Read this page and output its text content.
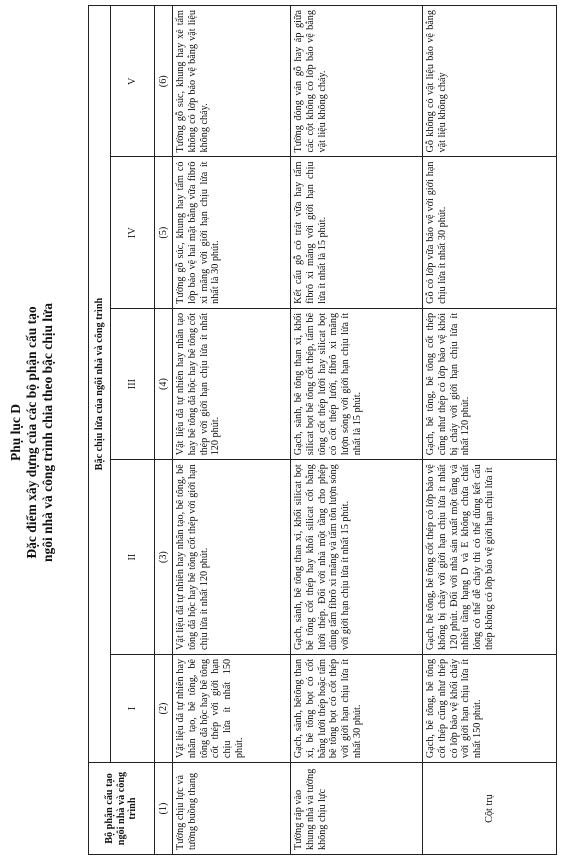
Phụ lục D Đặc điểm xây dựng của các bộ phận cấu tạo ngôi nhà và công trình chia theo bậc chịu lửa
Bộ phận cấu tạo ngôi nhà và công trình	Bậc chịu lửa của ngôi nhà và công trình				
	I	II	III	IV	V
(1)	(2)	(3)	(4)	(5)	(6)
Tường chịu lực và tường buồng thang	Vật liệu đá tự nhiên hay nhân tạo, bê tông, bê tông đá hộc hay bê tông cốt thép với giới hạn chịu lửa ít nhất 150 phút.	Vật liệu đá tự nhiên hay nhân tạo, bê tông, bê tông đá hộc hay bê tông cốt thép với giới hạn chịu lửa ít nhất 120 phút.	Vật liệu đá tự nhiên hay nhân tạo hay bê tông đá hộc hay bê tông cốt thép với giới hạn chịu lửa ít nhất 120 phút.	Tường gỗ súc, khung hay tấm có lớp bảo vệ hai mặt bằng vữa fibrô xi măng với giới hạn chịu lửa ít nhất là 30 phút.	Tường gỗ súc, khung hay xẻ tấm không có lớp bảo vệ bằng vật liệu không cháy.
Tường ráp vào khung nhà và tường không chịu lực	Gạch, sành, bêtông than xỉ, bê tông bọt có cốt bằng lưới thép hoặc tấm bê tông bọt có cốt thép với giới hạn chịu lửa ít nhất 30 phút.	Gạch, sành, bê tông than xỉ, khối silicat bọt bê tông cốt thép hay khối silicat cốt bằng lưới thép. Đối với nhà một tầng cho phép dùng tấm fibrô xi măng và tấm tôn lượn sóng với giới hạn chịu lửa ít nhất 15 phút.	Gạch, sành, bê tông than xỉ, khối silicat bọt bê tông cốt thép, tấm bê tông cốt thép lưới hay silicat bọt có cốt thép lưới, fibrô xi măng lượn sóng với giới hạn chịu lửa ít nhất là 15 phút.	Kết cấu gỗ có trát vữa hay tấm fibrô xi măng với giới hạn chịu lửa ít nhất là 15 phút.	Tường đóng ván gỗ hay áp giữa các cột không có lớp bảo vệ bằng vật liệu không cháy.
Cột trụ	Gạch, bê tông, bê tông cốt thép cũng như thép có lớp bảo vệ khối cháy với giới hạn chịu lửa ít nhất 150 phút.	Gạch, bê tông, bê tông cốt thép có lớp bảo vệ không bị cháy với giới hạn chịu lửa ít nhất 120 phút. Đối với nhà sản xuất một tầng và nhiều tầng hạng D và E không chứa chất lỏng có thể dễ cháy thì có thể dùng kết cấu thép không có lớp bảo vệ giới hạn chịu lửa ít	Gạch, bê tông, bê tông cốt thép cũng như thép có lớp bảo vệ khỏi bị cháy với giới hạn chịu lửa ít nhất 120 phút.	Gỗ có lớp vữa bảo vệ với giới hạn chịu lửa ít nhất 30 phút.	Gỗ không có vật liệu bảo vệ bằng vật liệu không cháy
